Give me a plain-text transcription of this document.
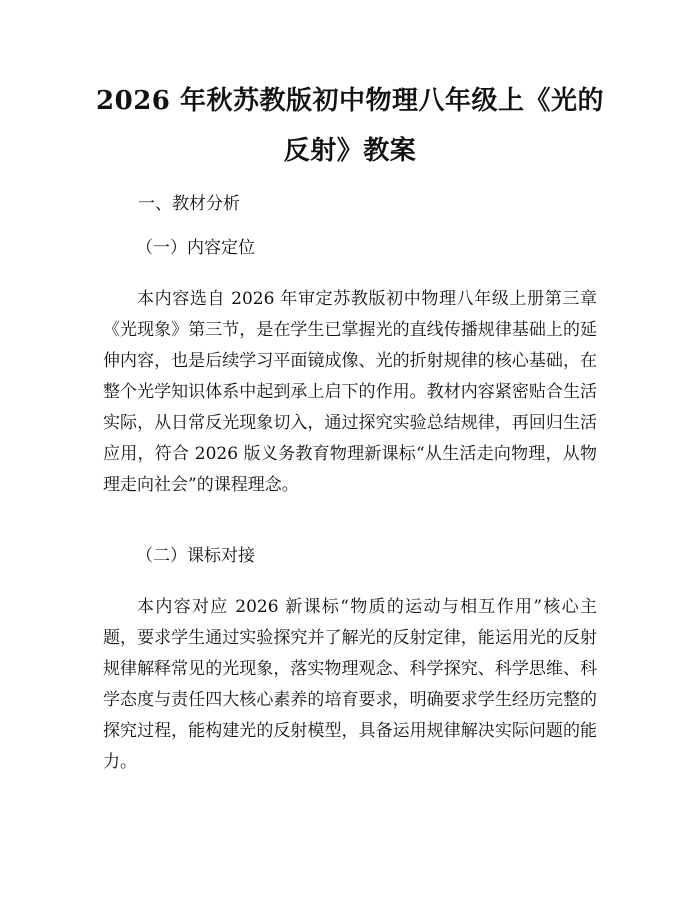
2026 年秋苏教版初中物理八年级上《光的反射》教案

一、教材分析

（一）内容定位

本内容选自 2026 年审定苏教版初中物理八年级上册第三章《光现象》第三节，是在学生已掌握光的直线传播规律基础上的延伸内容，也是后续学习平面镜成像、光的折射规律的核心基础，在整个光学知识体系中起到承上启下的作用。教材内容紧密贴合生活实际，从日常反光现象切入，通过探究实验总结规律，再回归生活应用，符合 2026 版义务教育物理新课标“从生活走向物理，从物理走向社会”的课程理念。

（二）课标对接

本内容对应 2026 新课标“物质的运动与相互作用”核心主题，要求学生通过实验探究并了解光的反射定律，能运用光的反射规律解释常见的光现象，落实物理观念、科学探究、科学思维、科学态度与责任四大核心素养的培育要求，明确要求学生经历完整的探究过程，能构建光的反射模型，具备运用规律解决实际问题的能力。
